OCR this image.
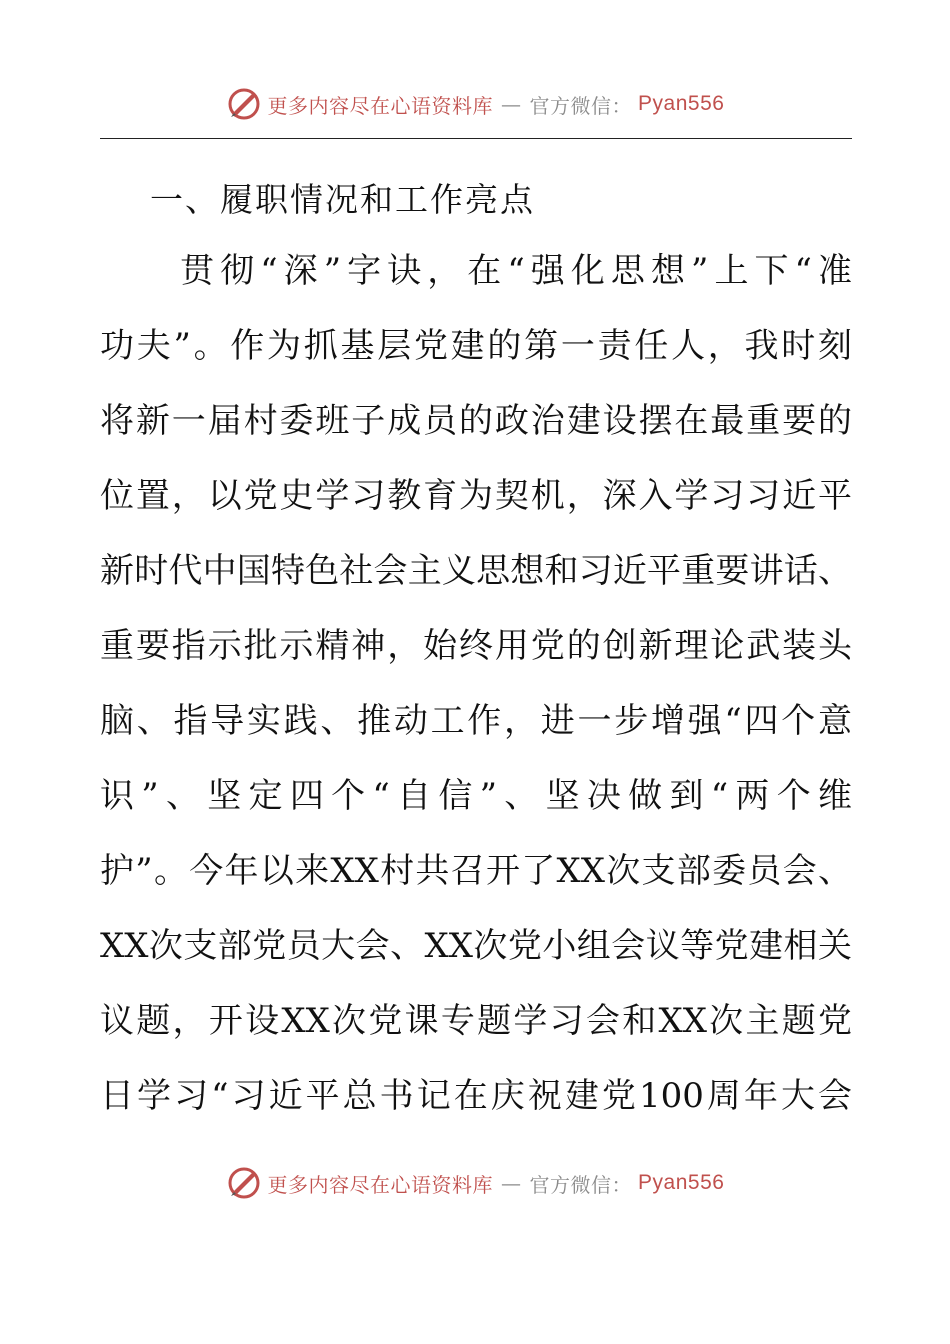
更多内容尽在心语资料库 — 官方微信： Pyan556
一、履职情况和工作亮点
　　贯彻“深”字诀，在“强化思想”上下“准
功夫”。作为抓基层党建的第一责任人，我时刻
将新一届村委班子成员的政治建设摆在最重要的
位置，以党史学习教育为契机，深入学习习近平
新时代中国特色社会主义思想和习近平重要讲话、
重要指示批示精神，始终用党的创新理论武装头
脑、指导实践、推动工作，进一步增强“四个意
识”、坚定四个“自信”、坚决做到“两个维
护”。今年以来XX村共召开了XX次支部委员会、
XX次支部党员大会、XX次党小组会议等党建相关
议题，开设XX次党课专题学习会和XX次主题党
日学习“习近平总书记在庆祝建党100周年大会
更多内容尽在心语资料库 — 官方微信： Pyan556
